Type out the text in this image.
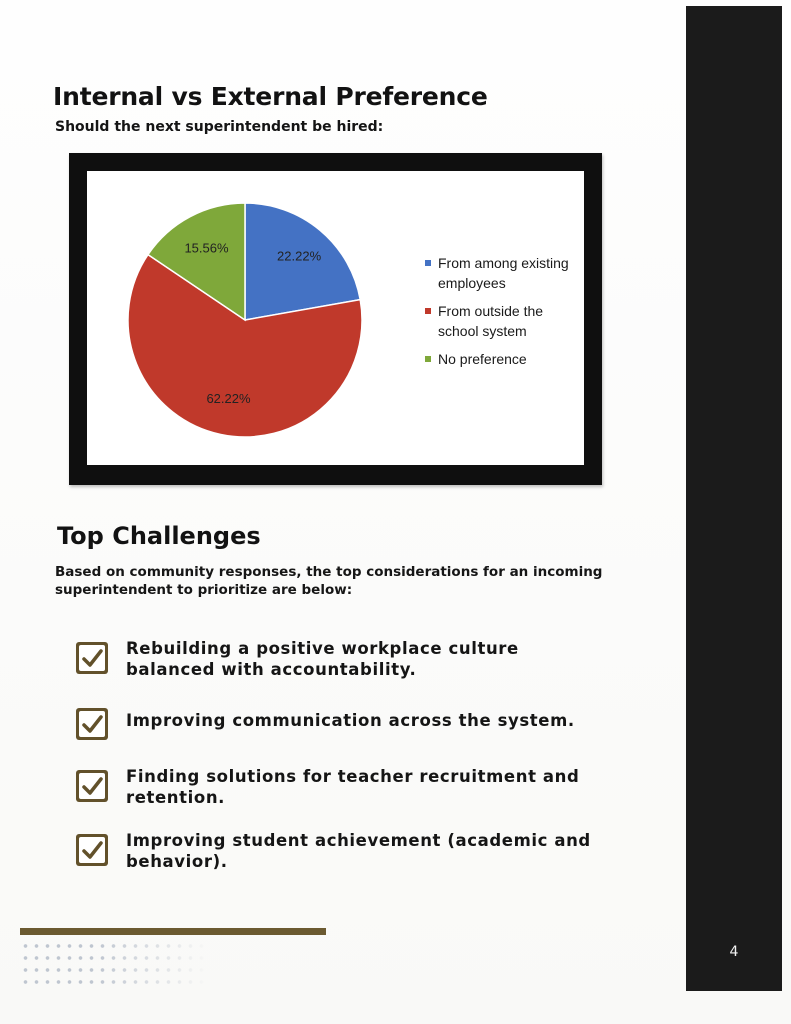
Internal vs External Preference
Should the next superintendent be hired:
22.22%
62.22%
15.56%
From among existing employees
From outside the school system
No preference
Top Challenges
Based on community responses, the top considerations for an incoming superintendent to prioritize are below:
Rebuilding a positive workplace culture balanced with accountability.
Improving communication across the system.
Finding solutions for teacher recruitment and retention.
Improving student achievement (academic and behavior).
4
